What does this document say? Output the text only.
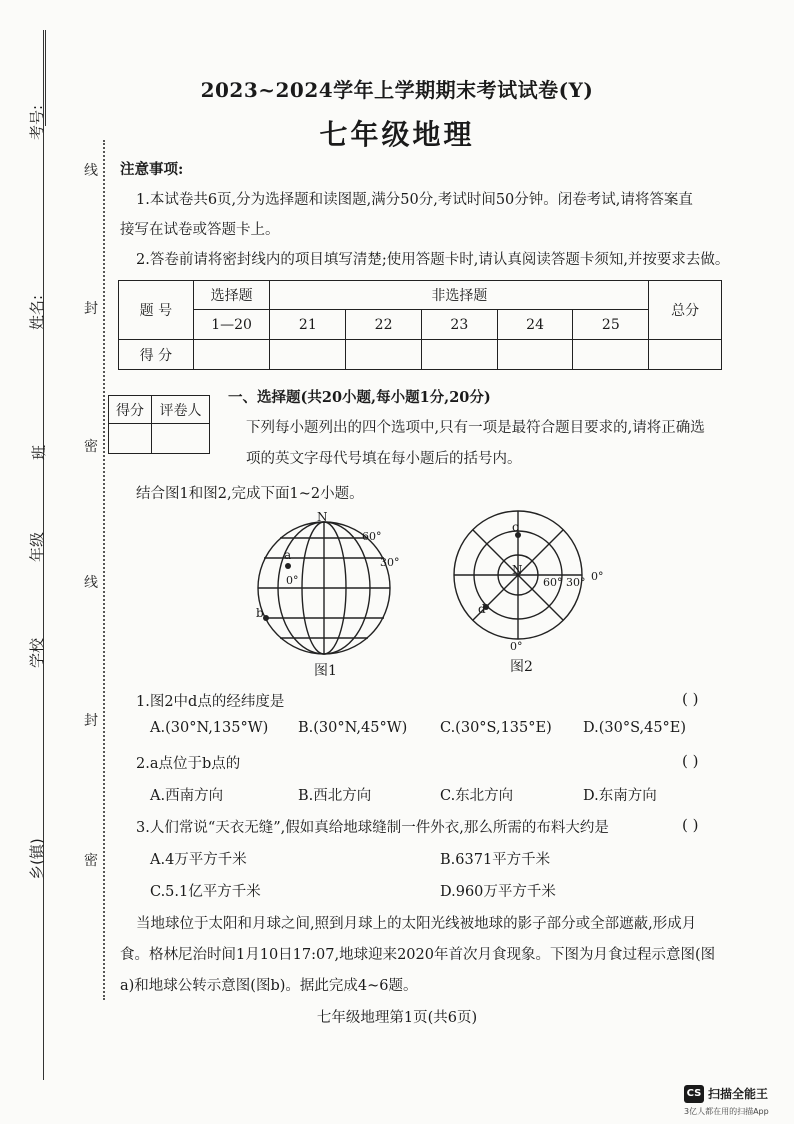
考号:
姓名:
班
年级
学校
乡(镇)
线
封
密
线
封
密
2023~2024学年上学期期末考试试卷(Y)
七年级地理
注意事项:
1.本试卷共6页,分为选择题和读图题,满分50分,考试时间50分钟。闭卷考试,请将答案直
接写在试卷或答题卡上。
2.答卷前请将密封线内的项目填写清楚;使用答题卡时,请认真阅读答题卡须知,并按要求去做。
题 号	选择题	非选择题					总分
	1—20	21	22	23	24	25	
得 分							
得分	评卷人

一、选择题(共20小题,每小题1分,20分)
下列每小题列出的四个选项中,只有一项是最符合题目要求的,请将正确选
项的英文字母代号填在每小题后的括号内。
结合图1和图2,完成下面1~2小题。
N
60°
30°
0°
a
b
图1
c
N
60° 30° 0°
d
0°
图2
1.图2中d点的经纬度是	( )
A.(30°N,135°W) B.(30°N,45°W) C.(30°S,135°E) D.(30°S,45°E)
2.a点位于b点的	( )
A.西南方向	B.西北方向	C.东北方向	D.东南方向
3.人们常说“天衣无缝”,假如真给地球缝制一件外衣,那么所需的布料大约是	( )
A.4万平方千米	B.6371平方千米
C.5.1亿平方千米	D.960万平方千米
当地球位于太阳和月球之间,照到月球上的太阳光线被地球的影子部分或全部遮蔽,形成月
食。格林尼治时间1月10日17:07,地球迎来2020年首次月食现象。下图为月食过程示意图(图
a)和地球公转示意图(图b)。据此完成4~6题。
七年级地理第1页(共6页)
CS 扫描全能王
3亿人都在用的扫描App
